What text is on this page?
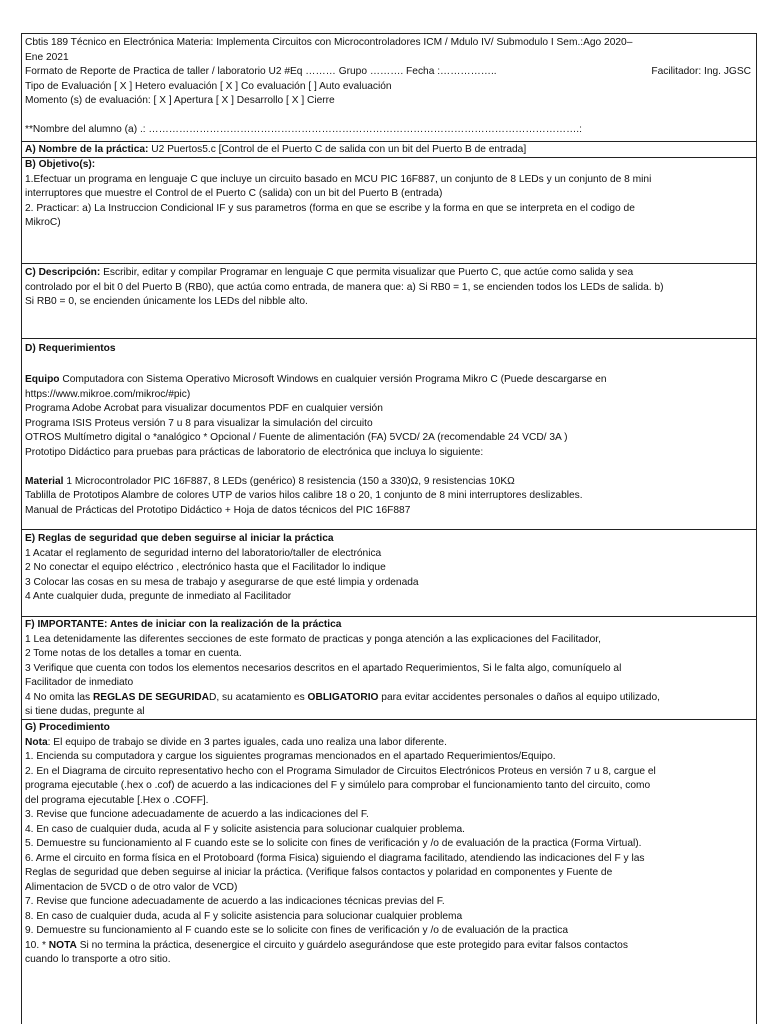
Cbtis 189 Técnico en Electrónica Materia: Implementa Circuitos con Microcontroladores ICM / Mdulo IV/ Submodulo I Sem.:Ago 2020–
Ene 2021
Formato de Reporte de Practica de taller / laboratorio U2 #Eq ……… Grupo ………. Fecha :……………..	Facilitador: Ing. JGSC
Tipo de Evaluación [ X ] Hetero evaluación [ X ] Co evaluación [ ] Auto evaluación
Momento (s) de evaluación: [ X ] Apertura [ X ] Desarrollo [ X ] Cierre
**Nombre del alumno (a) .: ……………………………………………………………………………………………………………….:
A) Nombre de la práctica: U2 Puertos5.c [Control de el Puerto C de salida con un bit del Puerto B de entrada]
B) Objetivo(s):
1.Efectuar un programa en lenguaje C que incluye un circuito basado en MCU PIC 16F887, un conjunto de 8 LEDs y un conjunto de 8 mini
interruptores que muestre el Control de el Puerto C (salida) con un bit del Puerto B (entrada)
2. Practicar: a) La Instruccion Condicional IF y sus parametros (forma en que se escribe y la forma en que se interpreta en el codigo de
MikroC)
C) Descripción: Escribir, editar y compilar Programar en lenguaje C que permita visualizar que Puerto C, que actúe como salida y sea
controlado por el bit 0 del Puerto B (RB0), que actúa como entrada, de manera que: a) Si RB0 = 1, se encienden todos los LEDs de salida. b)
Si RB0 = 0, se encienden únicamente los LEDs del nibble alto.
D) Requerimientos
Equipo Computadora con Sistema Operativo Microsoft Windows en cualquier versión Programa Mikro C (Puede descargarse en
https://www.mikroe.com/mikroc/#pic)
Programa Adobe Acrobat para visualizar documentos PDF en cualquier versión
Programa ISIS Proteus versión 7 u 8 para visualizar la simulación del circuito
OTROS Multímetro digital o *analógico * Opcional / Fuente de alimentación (FA) 5VCD/ 2A (recomendable 24 VCD/ 3A )
Prototipo Didáctico para pruebas para prácticas de laboratorio de electrónica que incluya lo siguiente:
Material 1 Microcontrolador PIC 16F887, 8 LEDs (genérico) 8 resistencia (150 a 330)Ω, 9 resistencias 10KΩ
Tablilla de Prototipos Alambre de colores UTP de varios hilos calibre 18 o 20, 1 conjunto de 8 mini interruptores deslizables.
Manual de Prácticas del Prototipo Didáctico + Hoja de datos técnicos del PIC 16F887
E) Reglas de seguridad que deben seguirse al iniciar la práctica
1 Acatar el reglamento de seguridad interno del laboratorio/taller de electrónica
2 No conectar el equipo eléctrico , electrónico hasta que el Facilitador lo indique
3 Colocar las cosas en su mesa de trabajo y asegurarse de que esté limpia y ordenada
4 Ante cualquier duda, pregunte de inmediato al Facilitador
F) IMPORTANTE: Antes de iniciar con la realización de la práctica
1 Lea detenidamente las diferentes secciones de este formato de practicas y ponga atención a las explicaciones del Facilitador,
2 Tome notas de los detalles a tomar en cuenta.
3 Verifique que cuenta con todos los elementos necesarios descritos en el apartado Requerimientos, Si le falta algo, comuníquelo al
Facilitador de inmediato
4 No omita las REGLAS DE SEGURIDAD, su acatamiento es OBLIGATORIO para evitar accidentes personales o daños al equipo utilizado,
si tiene dudas, pregunte al
G) Procedimiento
Nota: El equipo de trabajo se divide en 3 partes iguales, cada uno realiza una labor diferente.
1. Encienda su computadora y cargue los siguientes programas mencionados en el apartado Requerimientos/Equipo.
2. En el Diagrama de circuito representativo hecho con el Programa Simulador de Circuitos Electrónicos Proteus en versión 7 u 8, cargue el
programa ejecutable (.hex o .cof) de acuerdo a las indicaciones del F y simúlelo para comprobar el funcionamiento tanto del circuito, como
del programa ejecutable [.Hex o .COFF].
3. Revise que funcione adecuadamente de acuerdo a las indicaciones del F.
4. En caso de cualquier duda, acuda al F y solicite asistencia para solucionar cualquier problema.
5. Demuestre su funcionamiento al F cuando este se lo solicite con fines de verificación y /o de evaluación de la practica (Forma Virtual).
6. Arme el circuito en forma física en el Protoboard (forma Fisica) siguiendo el diagrama facilitado, atendiendo las indicaciones del F y las
Reglas de seguridad que deben seguirse al iniciar la práctica. (Verifique falsos contactos y polaridad en componentes y Fuente de
Alimentacion de 5VCD o de otro valor de VCD)
7. Revise que funcione adecuadamente de acuerdo a las indicaciones técnicas previas del F.
8. En caso de cualquier duda, acuda al F y solicite asistencia para solucionar cualquier problema
9. Demuestre su funcionamiento al F cuando este se lo solicite con fines de verificación y /o de evaluación de la practica
10. * NOTA Si no termina la práctica, desenergice el circuito y guárdelo asegurándose que este protegido para evitar falsos contactos
cuando lo transporte a otro sitio.
